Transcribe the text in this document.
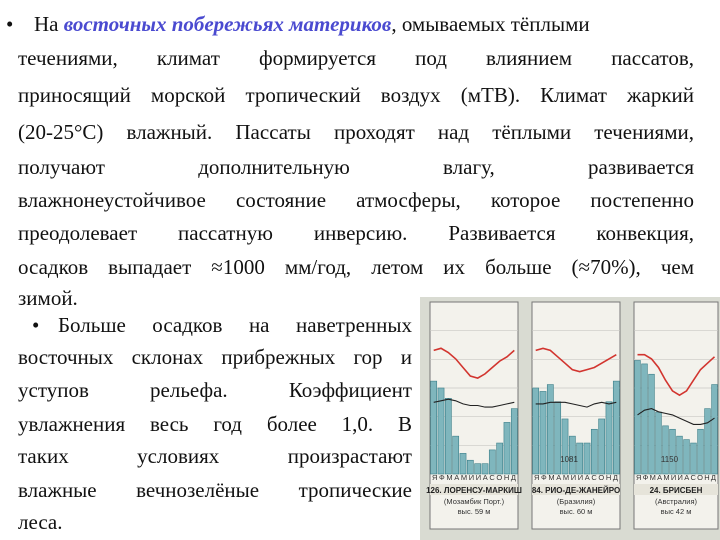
• На восточных побережьях материков, омываемых тёплыми
течениями, климат формируется под влиянием пассатов,
приносящий морской тропический воздух (мТВ). Климат жаркий
(20-25°С) влажный. Пассаты проходят над тёплыми течениями,
получают дополнительную влагу, развивается
влажнонеустойчивое состояние атмосферы, которое постепенно
преодолевает пассатную инверсию. Развивается конвекция,
осадков выпадает ≈1000 мм/год, летом их больше (≈70%), чем
зимой.
• Больше осадков на наветренных
восточных склонах прибрежных гор и
уступов рельефа. Коэффициент
увлажнения весь год более 1,0. В
таких условиях произрастают
влажные вечнозелёные тропические
леса.
Я Ф М А М И И А С О Н Д
126. ЛОРЕНСУ-МАРКИШ
(Мозамбик Порт.)
выс. 59 м
1081
Я Ф М А М И И А С О Н Д
84. РИО-ДЕ-ЖАНЕЙРО
(Бразилия)
выс. 60 м
1150
Я Ф М А М И И А С О Н Д
24. БРИСБЕН
(Австралия)
выс 42 м
